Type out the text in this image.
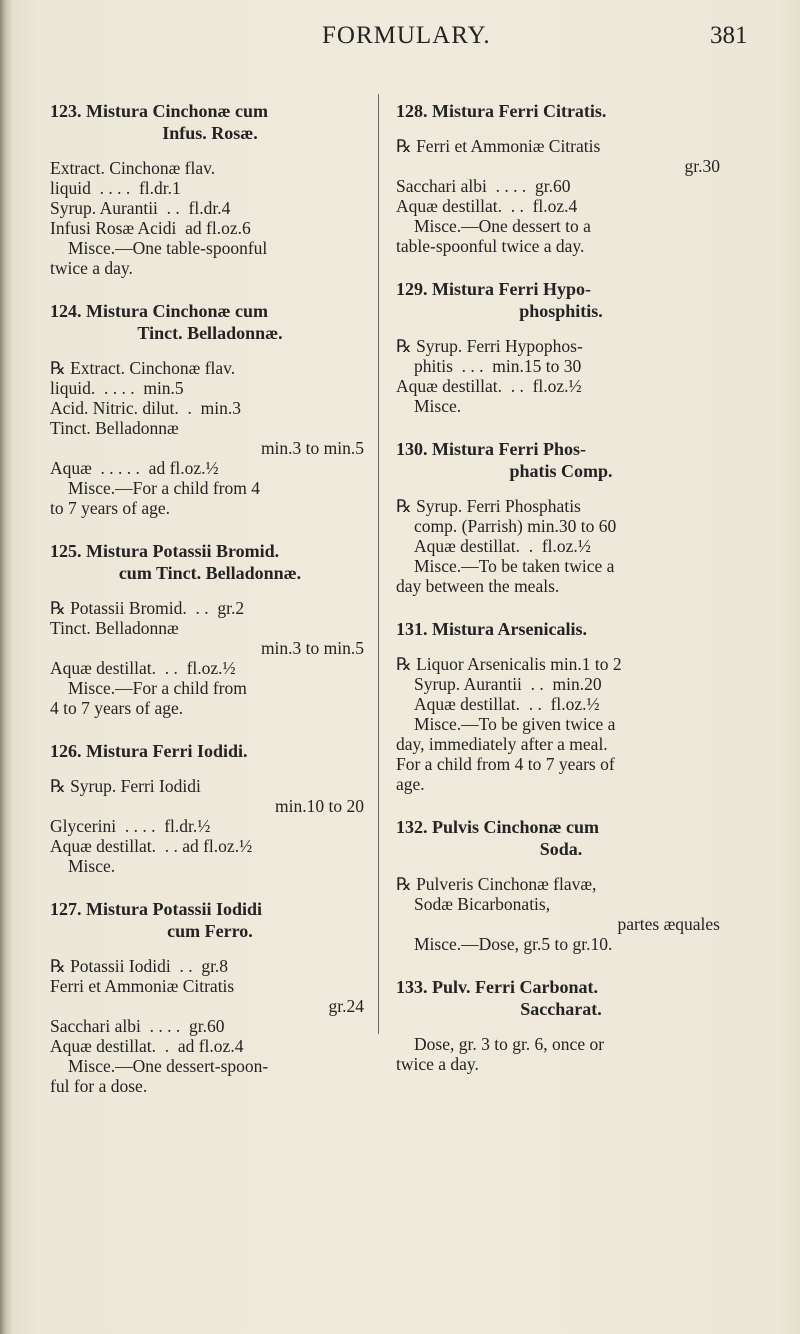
FORMULARY.	381
123. Mistura Cinchonæ cum
Infus. Rosæ.
Extract. Cinchonæ flav.
liquid  . . . .  fl.dr.1
Syrup. Aurantii  . .  fl.dr.4
Infusi Rosæ Acidi  ad fl.oz.6
Misce.—One table-spoonful
twice a day.
124. Mistura Cinchonæ cum
Tinct. Belladonnæ.
℞ Extract. Cinchonæ flav.
liquid.  . . . .  min.5
Acid. Nitric. dilut.  .  min.3
Tinct. Belladonnæ
min.3 to min.5
Aquæ  . . . . .  ad fl.oz.½
Misce.—For a child from 4
to 7 years of age.
125. Mistura Potassii Bromid.
cum Tinct. Belladonnæ.
℞ Potassii Bromid.  . .  gr.2
Tinct. Belladonnæ
min.3 to min.5
Aquæ destillat.  . .  fl.oz.½
Misce.—For a child from
4 to 7 years of age.
126. Mistura Ferri Iodidi.
℞ Syrup. Ferri Iodidi
min.10 to 20
Glycerini  . . . .  fl.dr.½
Aquæ destillat.  . . ad fl.oz.½
Misce.
127. Mistura Potassii Iodidi
cum Ferro.
℞ Potassii Iodidi  . .  gr.8
Ferri et Ammoniæ Citratis
gr.24
Sacchari albi  . . . .  gr.60
Aquæ destillat.  .  ad fl.oz.4
Misce.—One dessert-spoon-
ful for a dose.
128. Mistura Ferri Citratis.
℞ Ferri et Ammoniæ Citratis
gr.30
Sacchari albi  . . . .  gr.60
Aquæ destillat.  . .  fl.oz.4
Misce.—One dessert to a
table-spoonful twice a day.
129. Mistura Ferri Hypo-
phosphitis.
℞ Syrup. Ferri Hypophos-
phitis  . . .  min.15 to 30
Aquæ destillat.  . .  fl.oz.½
Misce.
130. Mistura Ferri Phos-
phatis Comp.
℞ Syrup. Ferri Phosphatis
comp. (Parrish) min.30 to 60
Aquæ destillat.  .  fl.oz.½
Misce.—To be taken twice a
day between the meals.
131. Mistura Arsenicalis.
℞ Liquor Arsenicalis min.1 to 2
Syrup. Aurantii  . .  min.20
Aquæ destillat.  . .  fl.oz.½
Misce.—To be given twice a
day, immediately after a meal.
For a child from 4 to 7 years of
age.
132. Pulvis Cinchonæ cum
Soda.
℞ Pulveris Cinchonæ flavæ,
Sodæ Bicarbonatis,
partes æquales
Misce.—Dose, gr.5 to gr.10.
133. Pulv. Ferri Carbonat.
Saccharat.
Dose, gr. 3 to gr. 6, once or
twice a day.
